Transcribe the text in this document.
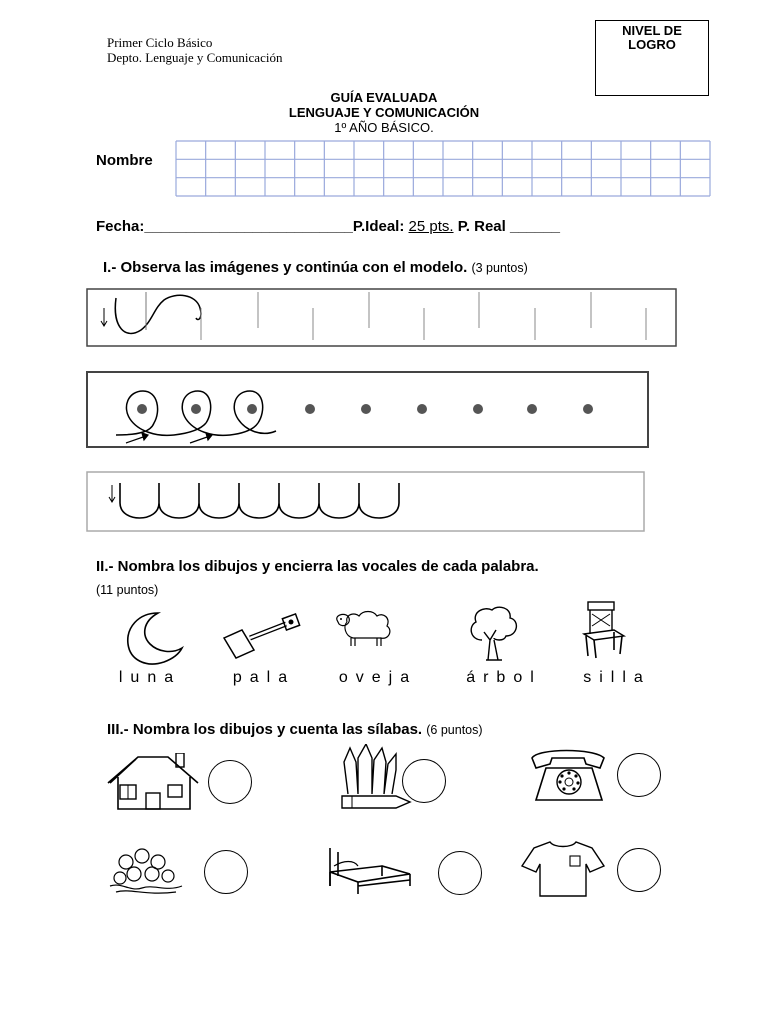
Primer Ciclo Básico
Depto. Lenguaje y Comunicación
NIVEL DE LOGRO
GUÍA EVALUADA
LENGUAJE Y COMUNICACIÓN
1º AÑO BÁSICO.
Nombre
Fecha:_________________________P.Ideal: 25 pts. P. Real ______
I.- Observa las imágenes y continúa con el modelo. (3 puntos)
II.- Nombra los dibujos y encierra las vocales de cada palabra.
(11 puntos)
luna	pala	oveja	árbol	silla
III.- Nombra los dibujos y cuenta las sílabas. (6 puntos)
